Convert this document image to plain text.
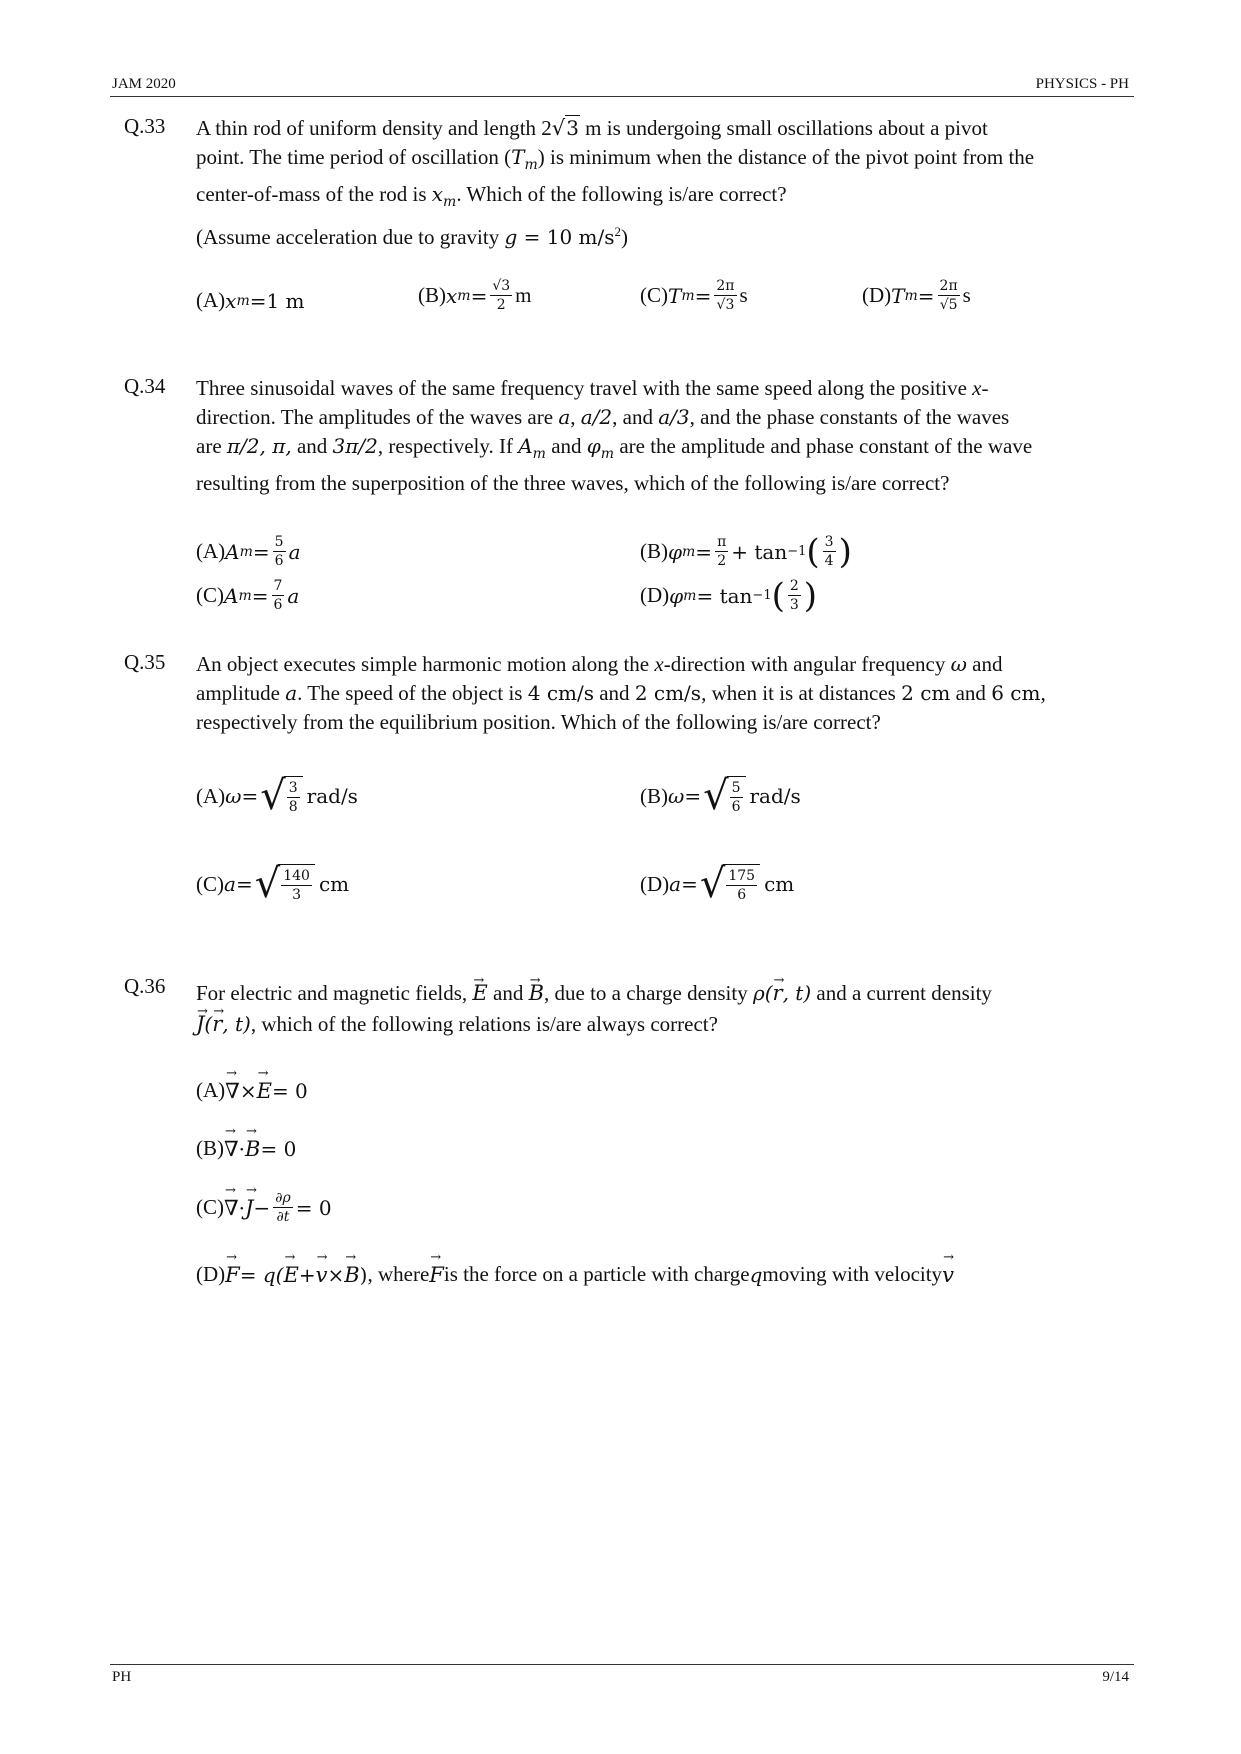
JAM 2020	PHYSICS - PH
PH	9/14
Q.33 A thin rod of uniform density and length 2√3 m is undergoing small oscillations about a pivot

point. The time period of oscillation $(T_m)$ is minimum when the distance of the pivot point from the

center-of-mass of the rod is $x_m$. Which of the following is/are correct?

(Assume acceleration due to gravity g = 10 $m/s^2$)

(A) x m =1 m	(B) x $m = \frac{√3}{2}$ m	(C) T $m = \frac{2\pi}{√3}$ s	(D) T $m = \frac{2\pi}{√5}$ s
Q.34 Three sinusoidal waves of the same frequency travel with the same speed along the positive x-

direction. The amplitudes of the waves are a, a/2, and a/3, and the phase constants of the waves

are π/2, π, and 3π/2, respectively. If $A_m$ and $\varphi_m$ are the amplitude and phase constant of the wave

resulting from the superposition of the three waves, which of the following is/are correct?

(A) A $m = \frac{5}{6}$ a	(B) φ $m = \frac{\pi}{2} + \tan -1$ ( $\frac{3}{4}$ )
(C) A $m = \frac{7}{6}$ a	(D) φ m = tan −1 ( $\frac{2}{3}$ )
Q.35 An object executes simple harmonic motion along the x-direction with angular frequency ω and

amplitude a. The speed of the object is 4 cm/s and 2 cm/s, when it is at distances 2 cm and 6 cm,

respectively from the equilibrium position. Which of the following is/are correct?

(A) ω = √ $\frac{3}{8} rad/s$	(B) ω = √ $\frac{5}{6} rad/s$
(C) a = √ $\frac{140}{3}$ cm	(D) a = √ $\frac{175}{6}$ cm
Q.36 For electric and magnetic fields, → E and → B, due to a charge density ρ(→ r, t) and a current density

→ J(→ r, t), which of the following relations is/are always correct?

(A) → ∇ × → E = 0
(B) → ∇ · → B = 0
(C) → ∇ · → $J - \frac{\partial\rho}{\partial t} = 0$
(D) → F = q( → E + → v × → B ) , where → F is the force on a particle with charge q moving with velocity → v
